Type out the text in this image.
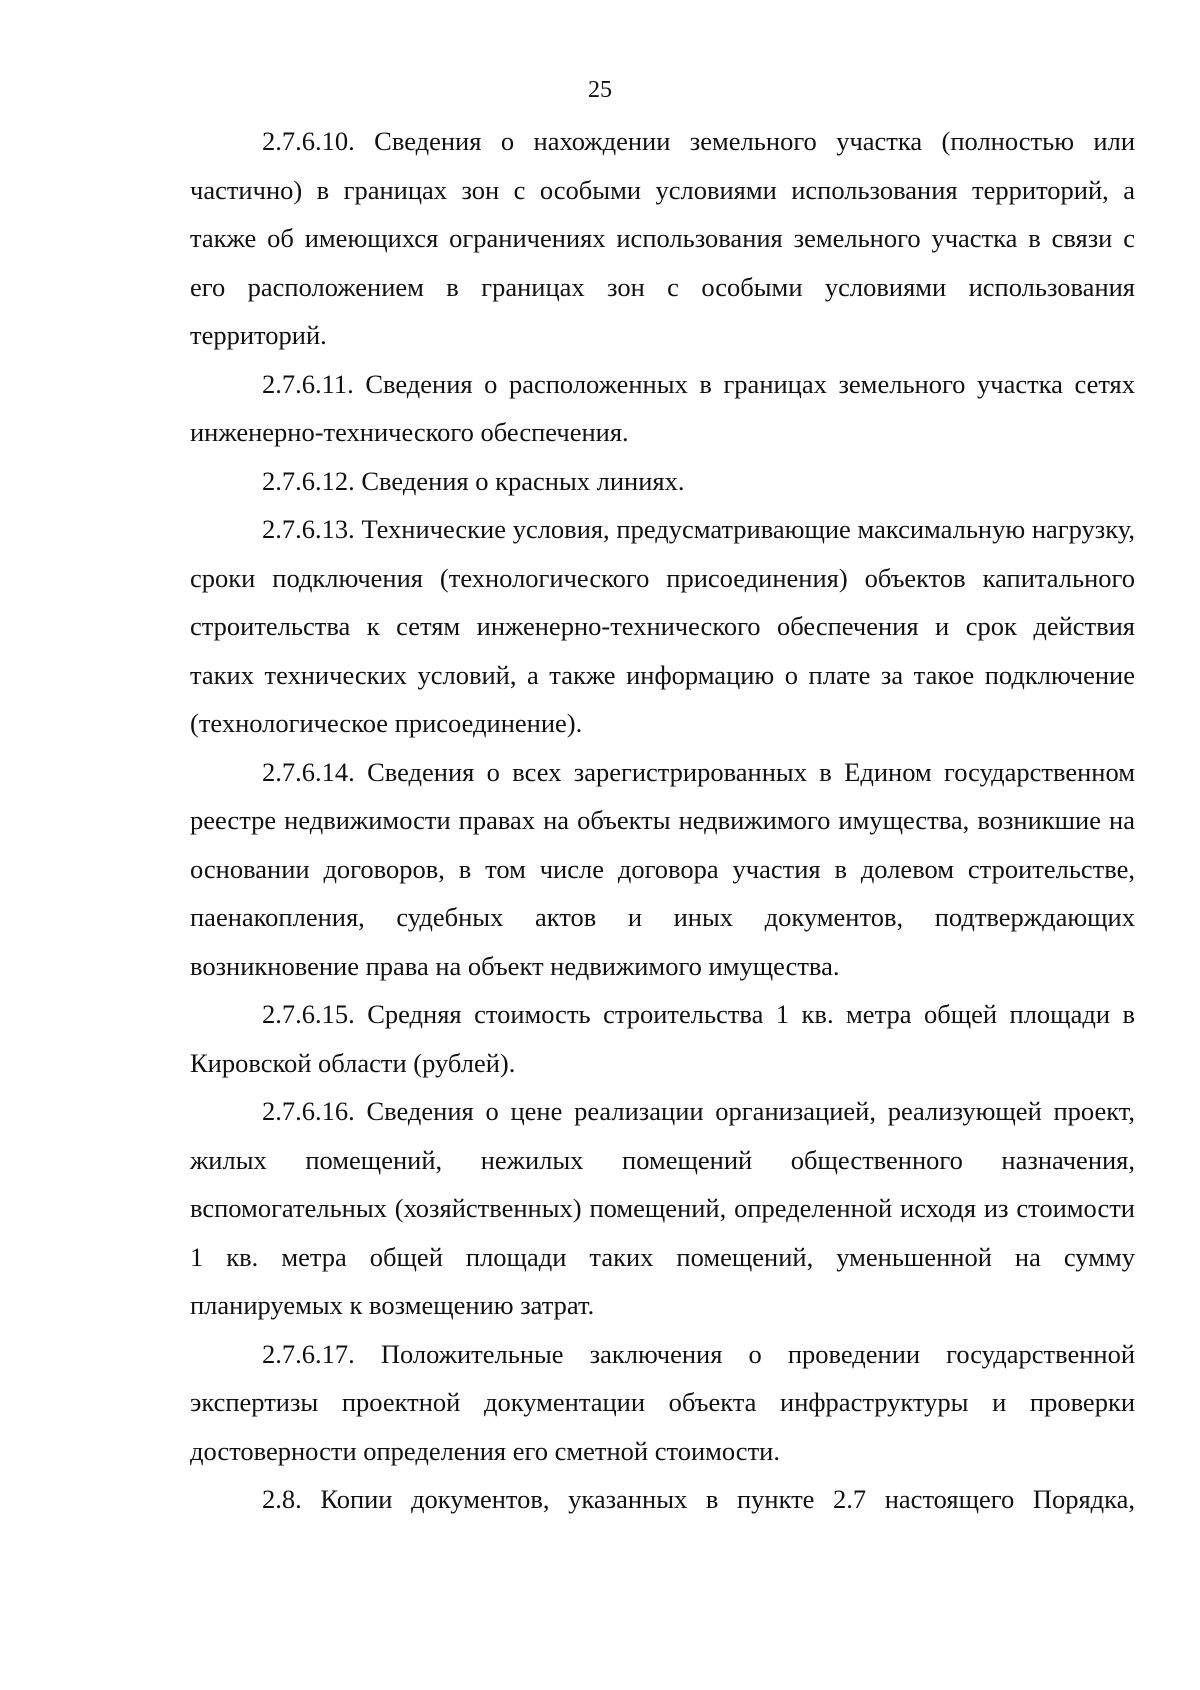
25

2.7.6.10. Сведения о нахождении земельного участка (полностью или частично) в границах зон с особыми условиями использования территорий, а также об имеющихся ограничениях использования земельного участка в связи с его расположением в границах зон с особыми условиями использования территорий.

2.7.6.11. Сведения о расположенных в границах земельного участка сетях инженерно-технического обеспечения.

2.7.6.12. Сведения о красных линиях.

2.7.6.13. Технические условия, предусматривающие максимальную нагрузку, сроки подключения (технологического присоединения) объектов капитального строительства к сетям инженерно-технического обеспечения и срок действия таких технических условий, а также информацию о плате за такое подключение (технологическое присоединение).

2.7.6.14. Сведения о всех зарегистрированных в Едином государственном реестре недвижимости правах на объекты недвижимого имущества, возникшие на основании договоров, в том числе договора участия в долевом строительстве, паенакопления, судебных актов и иных документов, подтверждающих возникновение права на объект недвижимого имущества.

2.7.6.15. Средняя стоимость строительства 1 кв. метра общей площади в Кировской области (рублей).

2.7.6.16. Сведения о цене реализации организацией, реализующей проект, жилых помещений, нежилых помещений общественного назначения, вспомогательных (хозяйственных) помещений, определенной исходя из стоимости 1 кв. метра общей площади таких помещений, уменьшенной на сумму планируемых к возмещению затрат.

2.7.6.17. Положительные заключения о проведении государственной экспертизы проектной документации объекта инфраструктуры и проверки достоверности определения его сметной стоимости.

2.8. Копии документов, указанных в пункте 2.7 настоящего Порядка,
